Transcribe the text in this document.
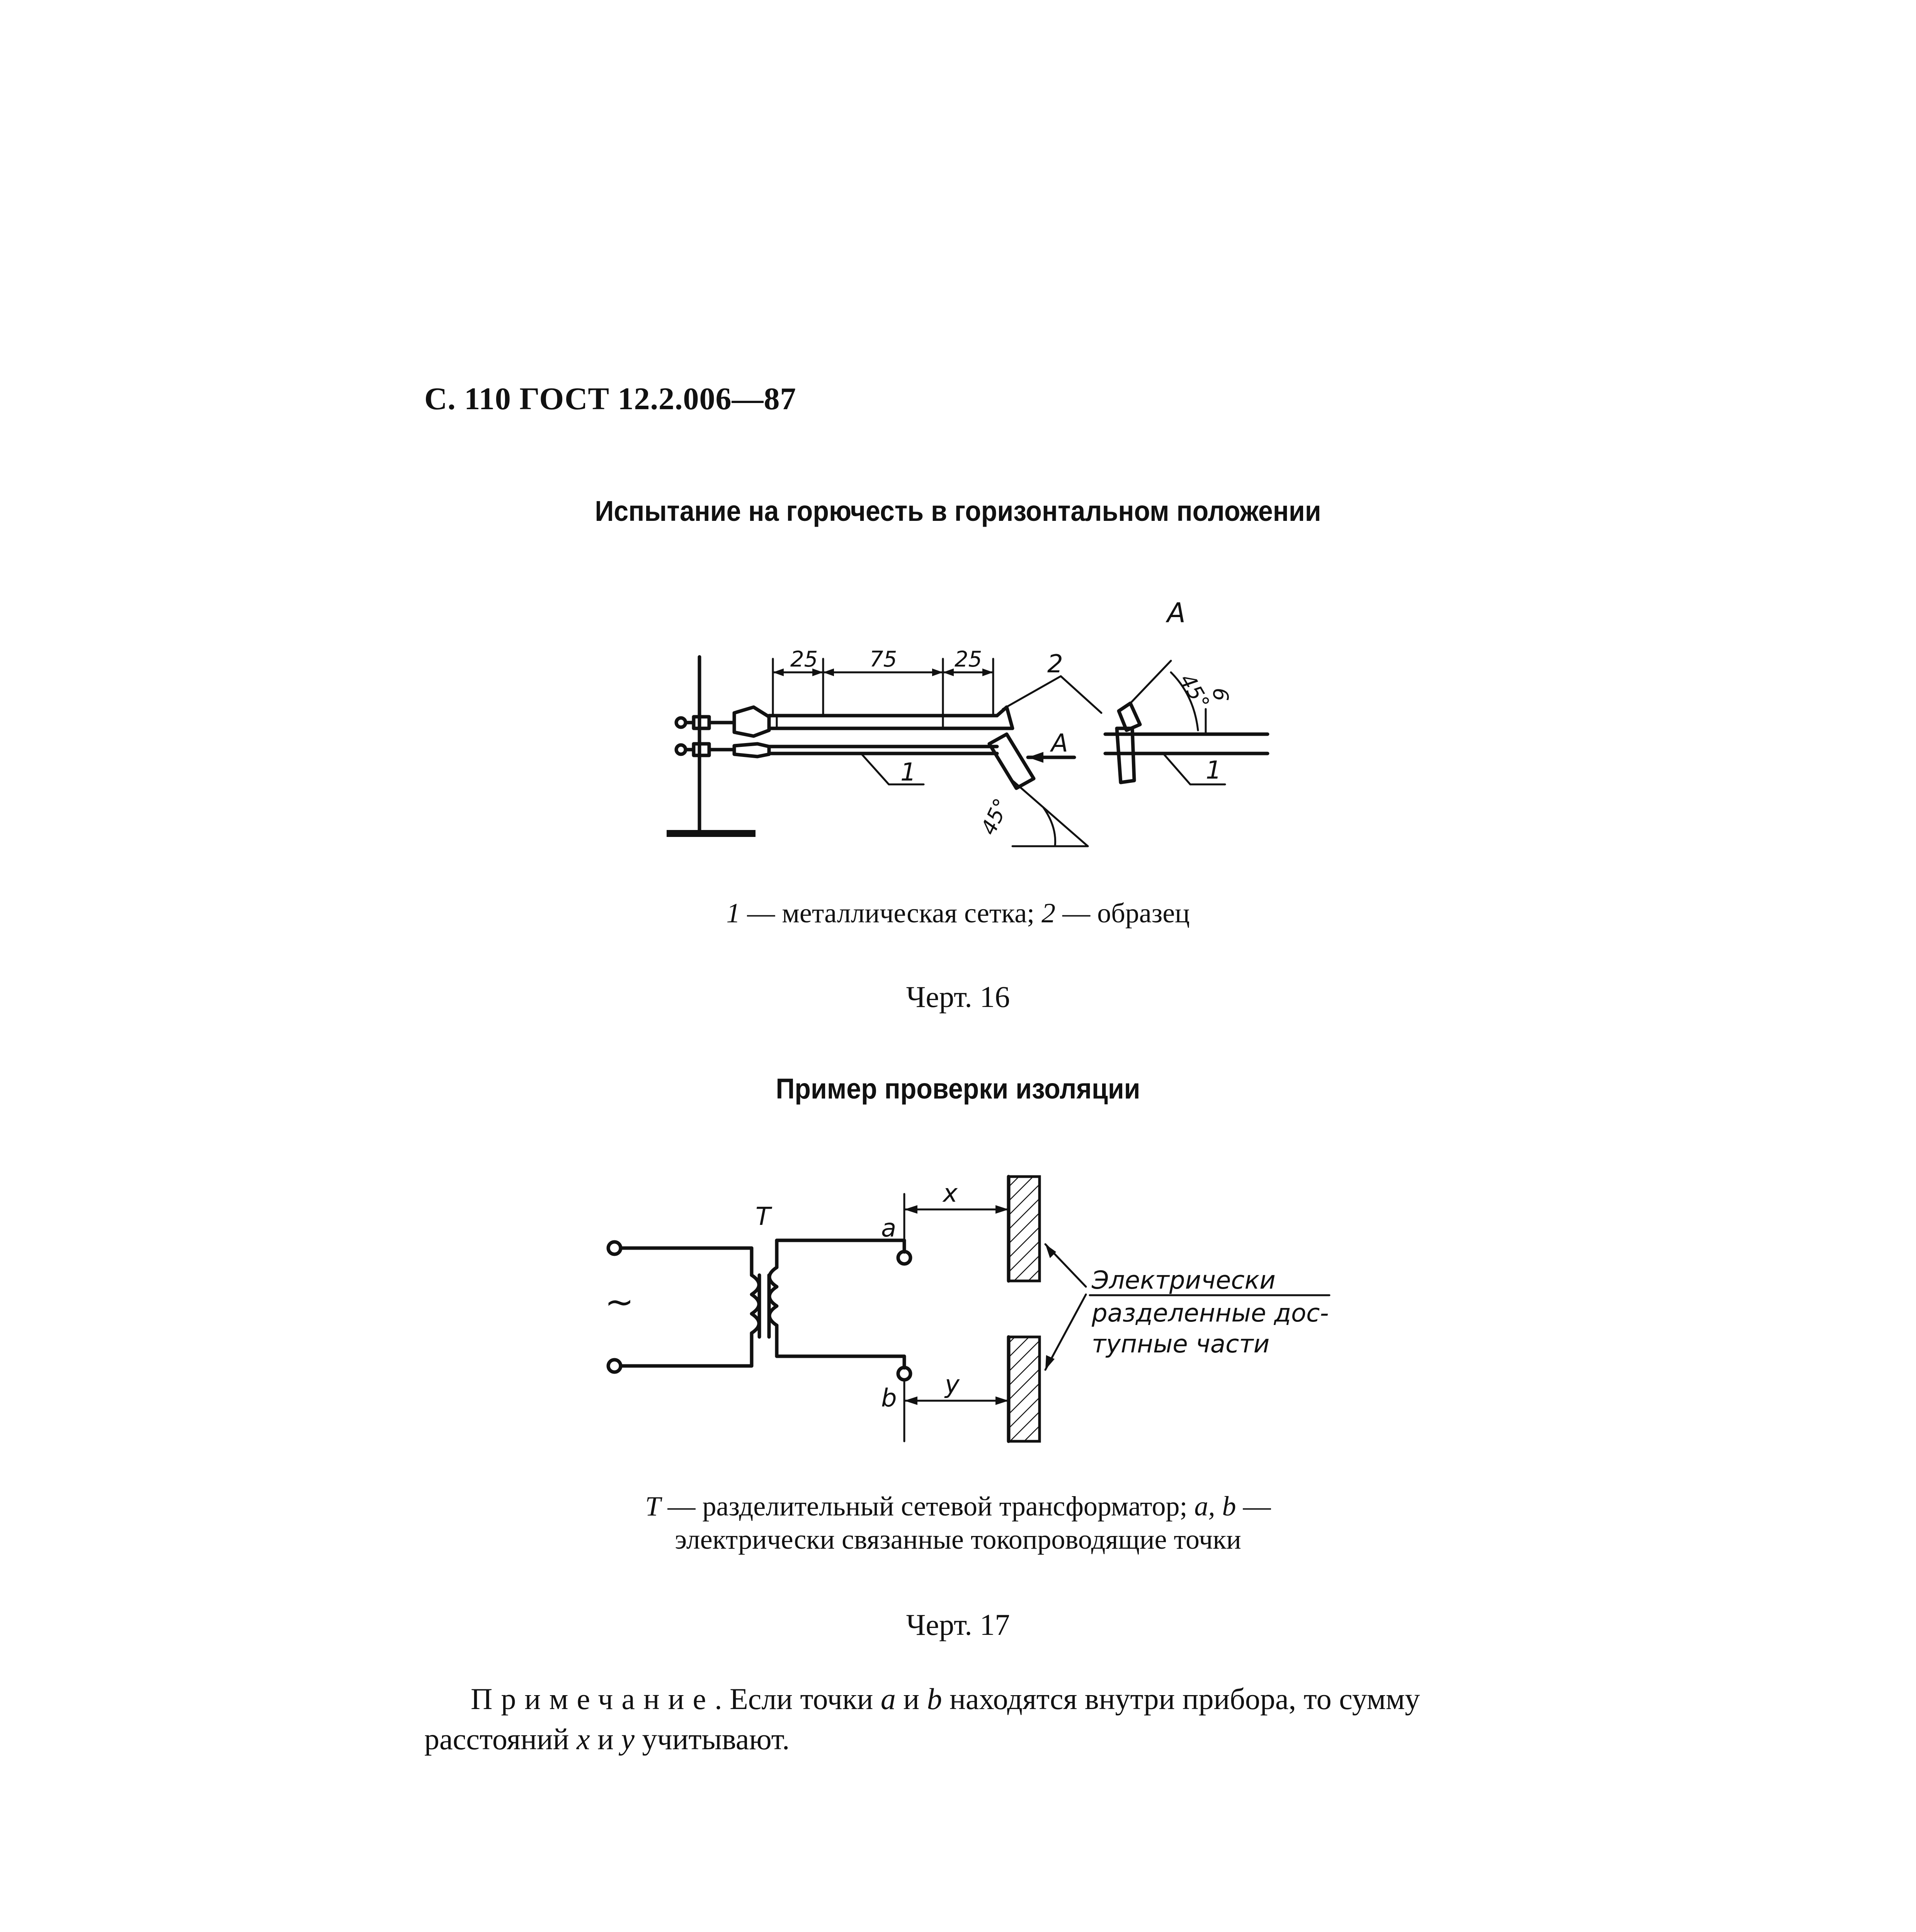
С. 110 ГОСТ 12.2.006—87
Испытание на горючесть в горизонтальном положении
25 75	25	2
A
1
45°
A
45°
6
1
1 — металлическая сетка; 2 — образец
Черт. 16
Пример проверки изоляции
~
T	a
b
x
y
Электрически
разделенные дос-
тупные части
T — разделительный сетевой трансформатор; a, b —
электрически связанные токопроводящие точки
Черт. 17
Примечание. Если точки a и b находятся внутри прибора, то сумму расстояний x и y учитывают.
